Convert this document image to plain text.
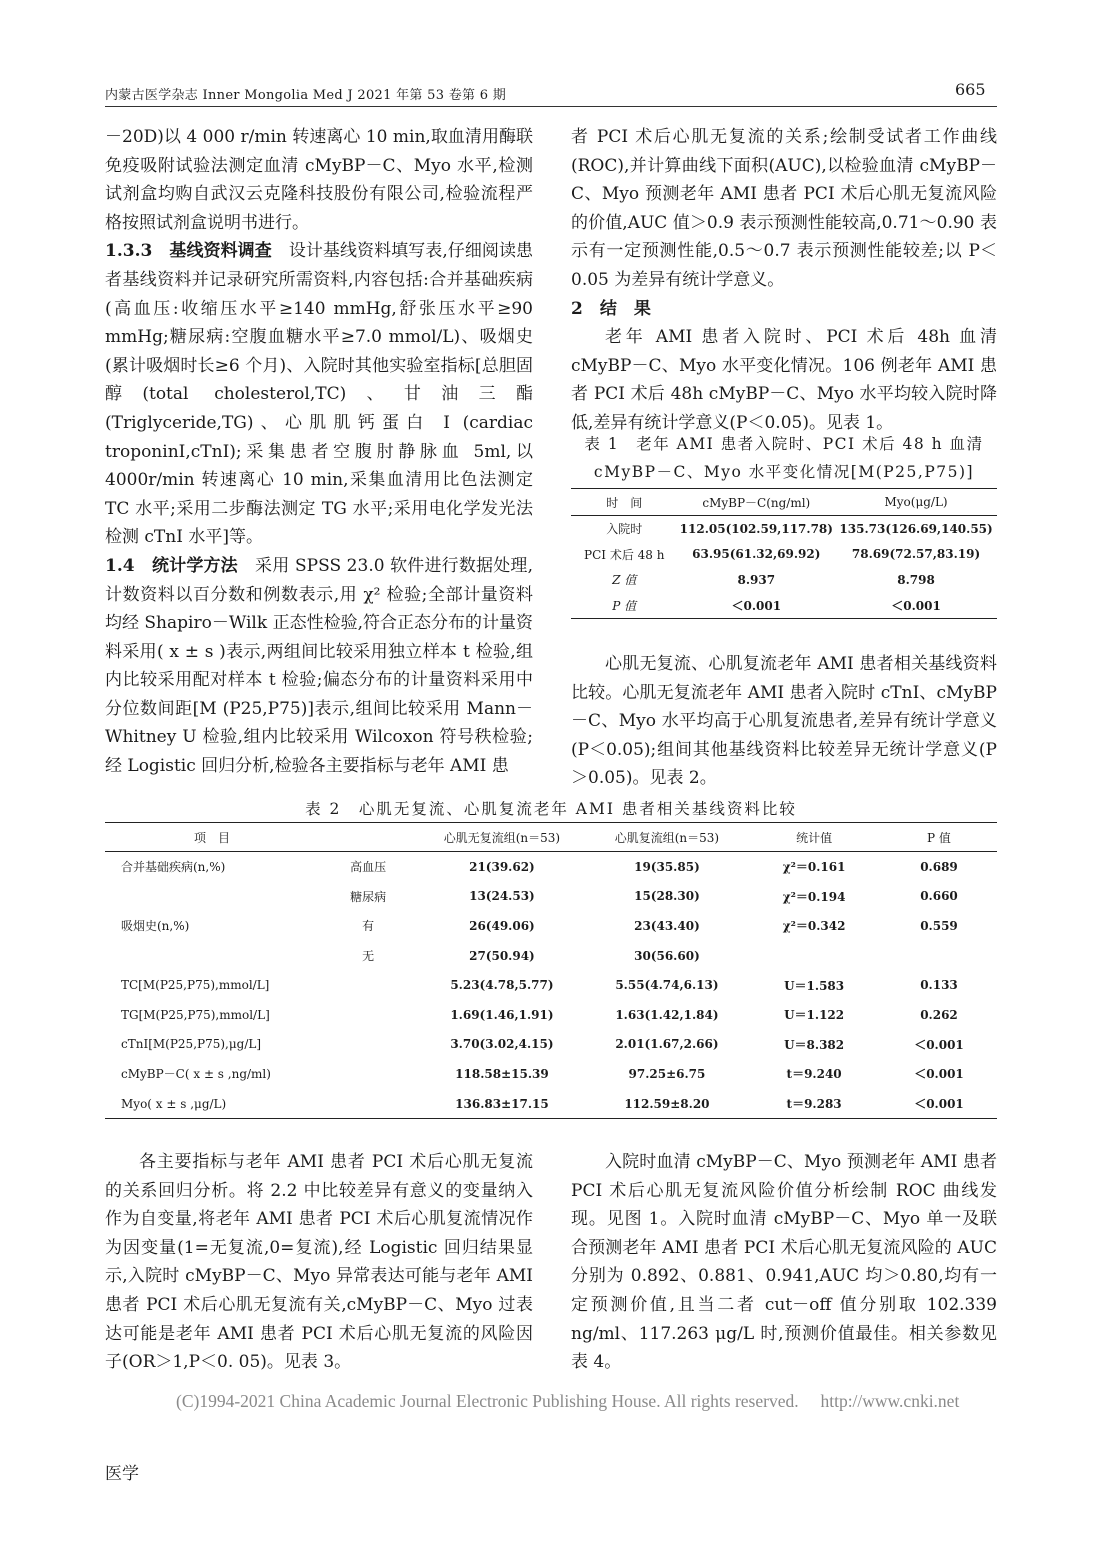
内蒙古医学杂志 Inner Mongolia Med J 2021 年第 53 卷第 6 期	665

－20D)以 4 000 r/min 转速离心 10 min,取血清用酶联免疫吸附试验法测定血清 cMyBP－C、Myo 水平,检测试剂盒均购自武汉云克隆科技股份有限公司,检验流程严格按照试剂盒说明书进行。

1.3.3　基线资料调查　设计基线资料填写表,仔细阅读患者基线资料并记录研究所需资料,内容包括:合并基础疾病(高血压:收缩压水平≥140 mmHg,舒张压水平≥90 mmHg;糖尿病:空腹血糖水平≥7.0 mmol/L)、吸烟史(累计吸烟时长≥6 个月)、入院时其他实验室指标[总胆固醇(total cholesterol,TC)、甘油三酯(Triglyceride,TG)、心肌肌钙蛋白 I (cardiac troponinI,cTnI);采集患者空腹肘静脉血 5ml,以 4000r/min 转速离心 10 min,采集血清用比色法测定 TC 水平;采用二步酶法测定 TG 水平;采用电化学发光法检测 cTnI 水平]等。

1.4　统计学方法　采用 SPSS 23.0 软件进行数据处理,计数资料以百分数和例数表示,用 χ² 检验;全部计量资料均经 Shapiro－Wilk 正态性检验,符合正态分布的计量资料采用( x ± s )表示,两组间比较采用独立样本 t 检验,组内比较采用配对样本 t 检验;偏态分布的计量资料采用中分位数间距[M (P25,P75)]表示,组间比较采用 Mann－Whitney U 检验,组内比较采用 Wilcoxon 符号秩检验;经 Logistic 回归分析,检验各主要指标与老年 AMI 患

者 PCI 术后心肌无复流的关系;绘制受试者工作曲线(ROC),并计算曲线下面积(AUC),以检验血清 cMyBP－C、Myo 预测老年 AMI 患者 PCI 术后心肌无复流风险的价值,AUC 值＞0.9 表示预测性能较高,0.71～0.90 表示有一定预测性能,0.5～0.7 表示预测性能较差;以 P＜0.05 为差异有统计学意义。

2　结　果

老年 AMI 患者入院时、PCI 术后 48h 血清 cMyBP－C、Myo 水平变化情况。106 例老年 AMI 患者 PCI 术后 48h cMyBP－C、Myo 水平均较入院时降低,差异有统计学意义(P＜0.05)。见表 1。

表 1　老年 AMI 患者入院时、PCI 术后 48 h 血清
cMyBP－C、Myo 水平变化情况[M(P25,P75)]
时　间	cMyBP－C(ng/ml)	Myo(μg/L)
入院时	112.05(102.59,117.78)	135.73(126.69,140.55)
PCI 术后 48 h	63.95(61.32,69.92)	78.69(72.57,83.19)
Z 值	8.937	8.798
P 值	＜0.001	＜0.001

心肌无复流、心肌复流老年 AMI 患者相关基线资料比较。心肌无复流老年 AMI 患者入院时 cTnI、cMyBP－C、Myo 水平均高于心肌复流患者,差异有统计学意义(P＜0.05);组间其他基线资料比较差异无统计学意义(P＞0.05)。见表 2。

表 2　心肌无复流、心肌复流老年 AMI 患者相关基线资料比较
项　目		心肌无复流组(n＝53)	心肌复流组(n＝53)	统计值	P 值
合并基础疾病(n,%)	高血压	21(39.62)	19(35.85)	χ²＝0.161	0.689
	糖尿病	13(24.53)	15(28.30)	χ²＝0.194	0.660
吸烟史(n,%)	有	26(49.06)	23(43.40)	χ²＝0.342	0.559
	无	27(50.94)	30(56.60)		
TC[M(P25,P75),mmol/L]		5.23(4.78,5.77)	5.55(4.74,6.13)	U＝1.583	0.133
TG[M(P25,P75),mmol/L]		1.69(1.46,1.91)	1.63(1.42,1.84)	U＝1.122	0.262
cTnI[M(P25,P75),μg/L]		3.70(3.02,4.15)	2.01(1.67,2.66)	U＝8.382	＜0.001
cMyBP－C( x ± s ,ng/ml)		118.58±15.39	97.25±6.75	t＝9.240	＜0.001
Myo( x ± s ,μg/L)		136.83±17.15	112.59±8.20	t＝9.283	＜0.001

各主要指标与老年 AMI 患者 PCI 术后心肌无复流的关系回归分析。将 2.2 中比较差异有意义的变量纳入作为自变量,将老年 AMI 患者 PCI 术后心肌复流情况作为因变量(1=无复流,0=复流),经 Logistic 回归结果显示,入院时 cMyBP－C、Myo 异常表达可能与老年 AMI 患者 PCI 术后心肌无复流有关,cMyBP－C、Myo 过表达可能是老年 AMI 患者 PCI 术后心肌无复流的风险因子(OR＞1,P＜0. 05)。见表 3。

入院时血清 cMyBP－C、Myo 预测老年 AMI 患者 PCI 术后心肌无复流风险价值分析绘制 ROC 曲线发现。见图 1。入院时血清 cMyBP－C、Myo 单一及联合预测老年 AMI 患者 PCI 术后心肌无复流风险的 AUC 分别为 0.892、0.881、0.941,AUC 均＞0.80,均有一定预测价值,且当二者 cut－off 值分别取 102.339 ng/ml、117.263 μg/L 时,预测价值最佳。相关参数见表 4。

(C)1994-2021 China Academic Journal Electronic Publishing House. All rights reserved.　 http://www.cnki.net
医学
